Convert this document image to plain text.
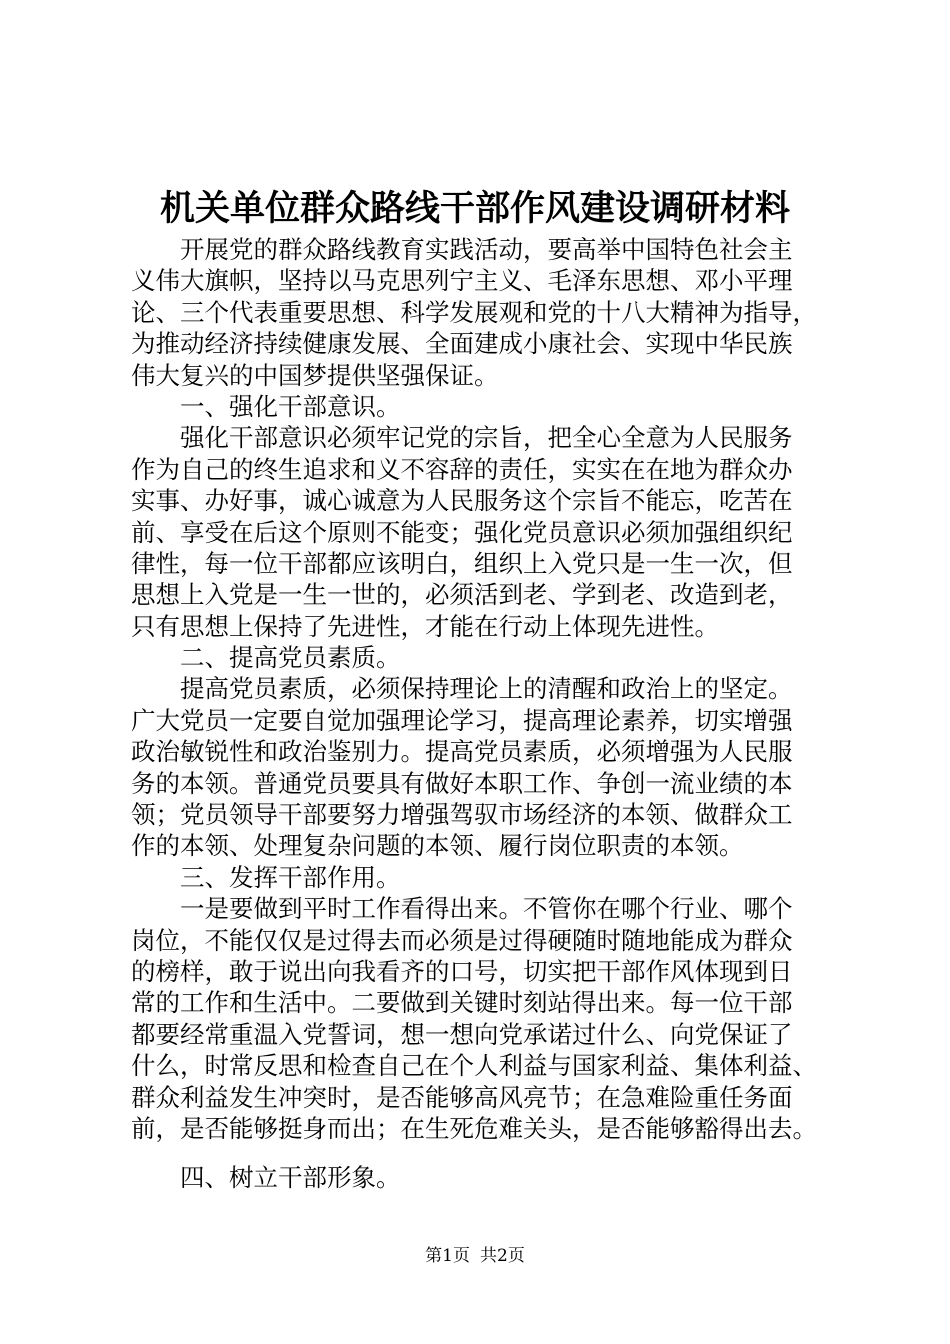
机关单位群众路线干部作风建设调研材料
　　开展党的群众路线教育实践活动，要高举中国特色社会主
义伟大旗帜，坚持以马克思列宁主义、毛泽东思想、邓小平理
论、三个代表重要思想、科学发展观和党的十八大精神为指导，
为推动经济持续健康发展、全面建成小康社会、实现中华民族
伟大复兴的中国梦提供坚强保证。
　　一、强化干部意识。
　　强化干部意识必须牢记党的宗旨，把全心全意为人民服务
作为自己的终生追求和义不容辞的责任，实实在在地为群众办
实事、办好事，诚心诚意为人民服务这个宗旨不能忘，吃苦在
前、享受在后这个原则不能变；强化党员意识必须加强组织纪
律性，每一位干部都应该明白，组织上入党只是一生一次，但
思想上入党是一生一世的，必须活到老、学到老、改造到老，
只有思想上保持了先进性，才能在行动上体现先进性。
　　二、提高党员素质。
　　提高党员素质，必须保持理论上的清醒和政治上的坚定。
广大党员一定要自觉加强理论学习，提高理论素养，切实增强
政治敏锐性和政治鉴别力。提高党员素质，必须增强为人民服
务的本领。普通党员要具有做好本职工作、争创一流业绩的本
领；党员领导干部要努力增强驾驭市场经济的本领、做群众工
作的本领、处理复杂问题的本领、履行岗位职责的本领。
　　三、发挥干部作用。
　　一是要做到平时工作看得出来。不管你在哪个行业、哪个
岗位，不能仅仅是过得去而必须是过得硬随时随地能成为群众
的榜样，敢于说出向我看齐的口号，切实把干部作风体现到日
常的工作和生活中。二要做到关键时刻站得出来。每一位干部
都要经常重温入党誓词，想一想向党承诺过什么、向党保证了
什么，时常反思和检查自己在个人利益与国家利益、集体利益、
群众利益发生冲突时，是否能够高风亮节；在急难险重任务面
前，是否能够挺身而出；在生死危难关头，是否能够豁得出去。
　　四、树立干部形象。
第1页 共2页
